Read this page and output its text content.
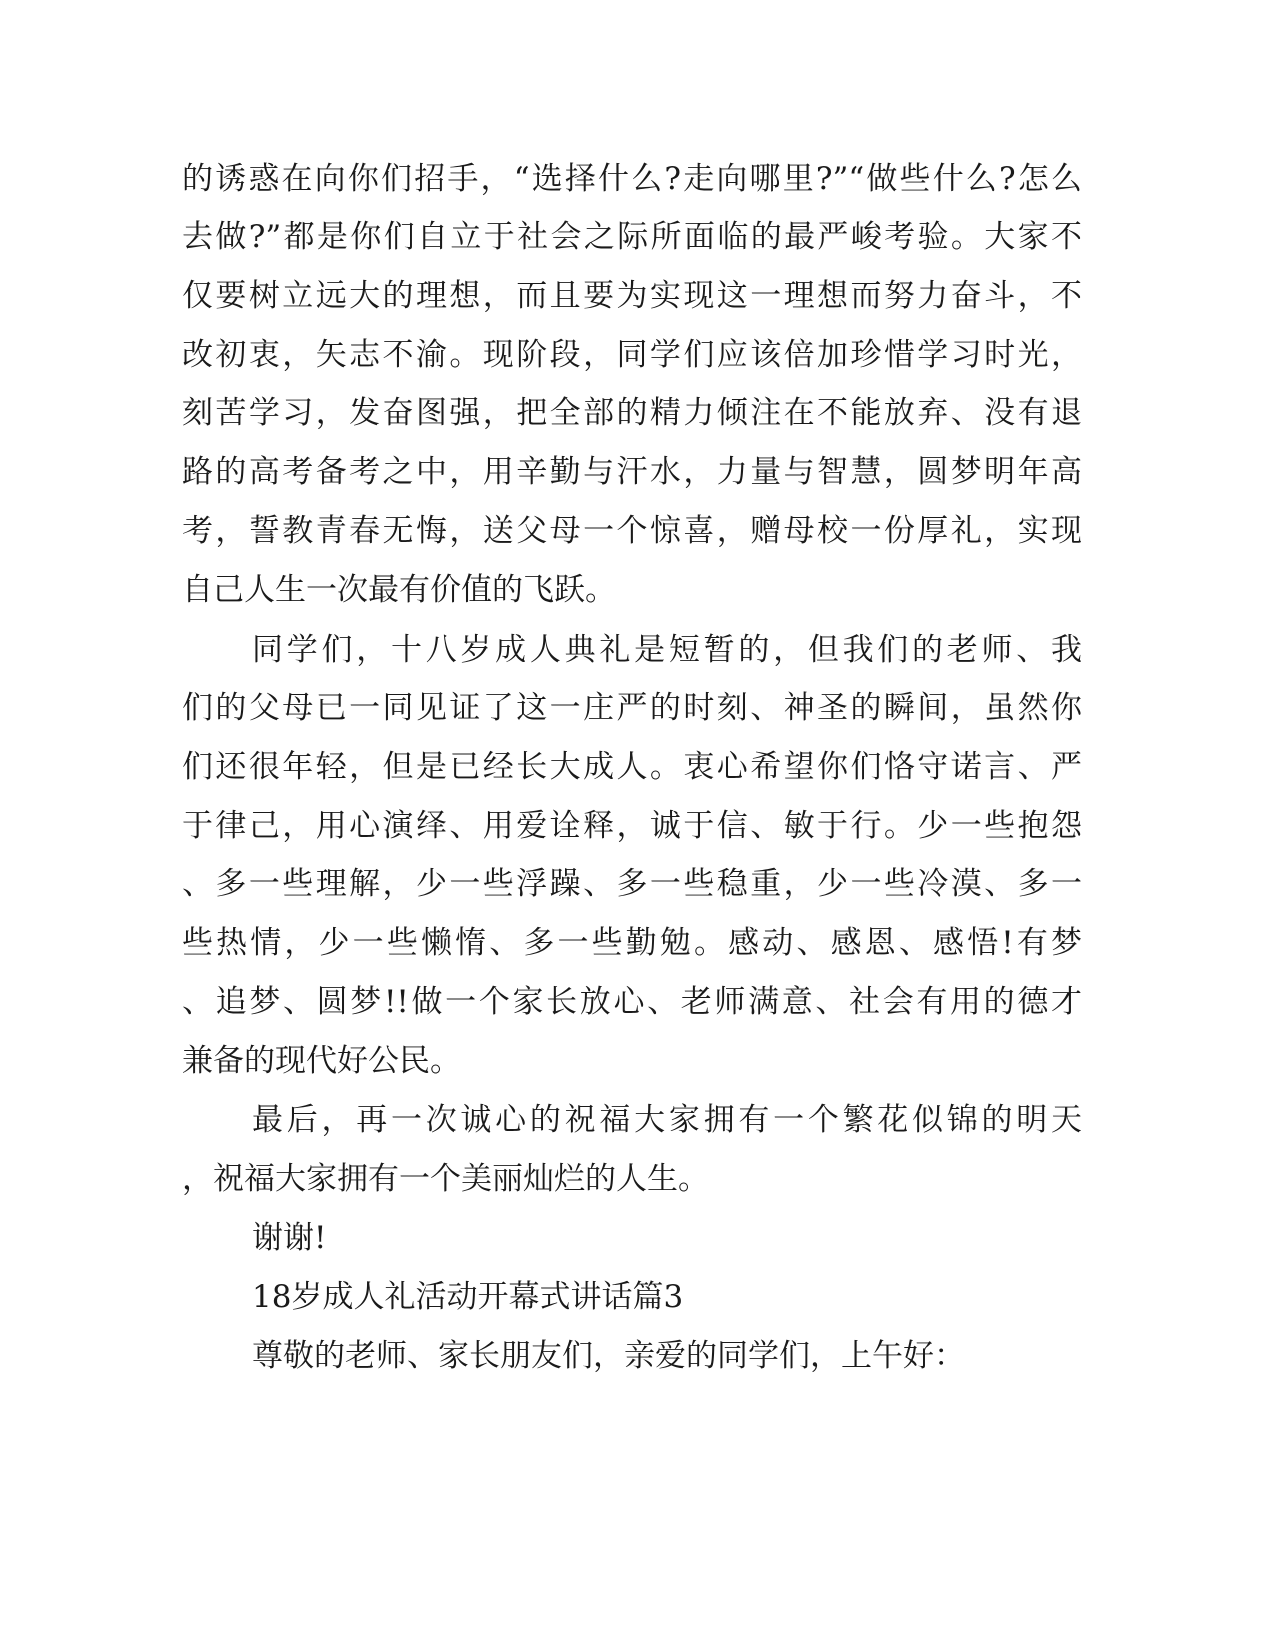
的诱惑在向你们招手，“选择什么?走向哪里?”“做些什么?怎么
去做?”都是你们自立于社会之际所面临的最严峻考验。大家不
仅要树立远大的理想，而且要为实现这一理想而努力奋斗，不
改初衷，矢志不渝。现阶段，同学们应该倍加珍惜学习时光，
刻苦学习，发奋图强，把全部的精力倾注在不能放弃、没有退
路的高考备考之中，用辛勤与汗水，力量与智慧，圆梦明年高
考，誓教青春无悔，送父母一个惊喜，赠母校一份厚礼，实现
自己人生一次最有价值的飞跃。
同学们，十八岁成人典礼是短暂的，但我们的老师、我
们的父母已一同见证了这一庄严的时刻、神圣的瞬间，虽然你
们还很年轻，但是已经长大成人。衷心希望你们恪守诺言、严
于律己，用心演绎、用爱诠释，诚于信、敏于行。少一些抱怨
、多一些理解，少一些浮躁、多一些稳重，少一些冷漠、多一
些热情，少一些懒惰、多一些勤勉。感动、感恩、感悟!有梦
、追梦、圆梦!!做一个家长放心、老师满意、社会有用的德才
兼备的现代好公民。
最后，再一次诚心的祝福大家拥有一个繁花似锦的明天
，祝福大家拥有一个美丽灿烂的人生。
谢谢!
18岁成人礼活动开幕式讲话篇3
尊敬的老师、家长朋友们，亲爱的同学们，上午好：
